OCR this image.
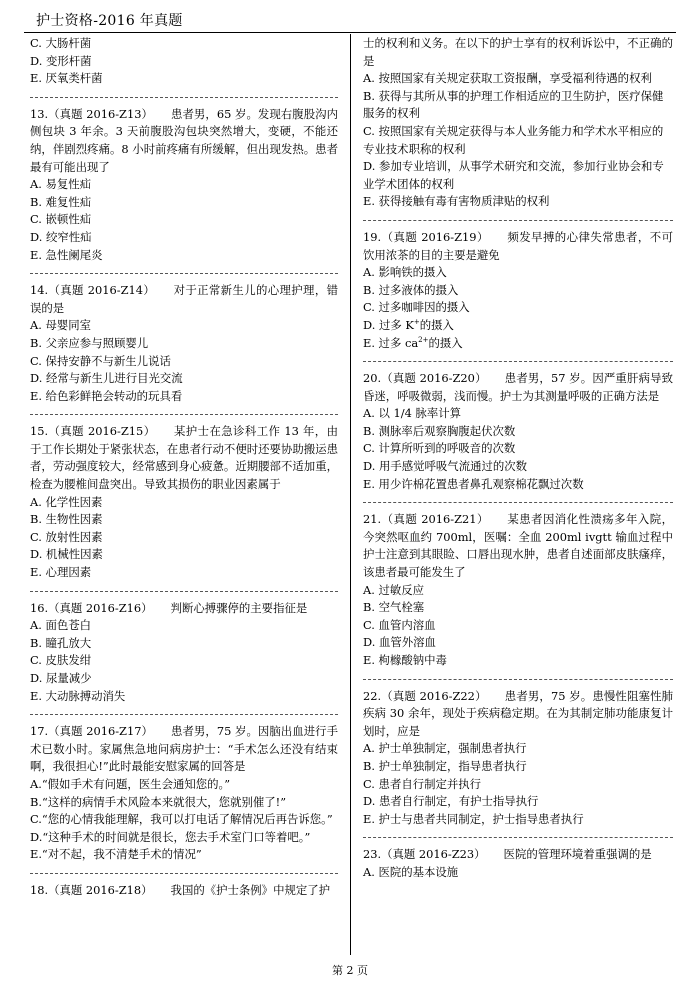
护士资格-2016 年真题

C. 大肠杆菌

D. 变形杆菌

E. 厌氧类杆菌

13.（真题 2016-Z13） 患者男，65 岁。发现右腹股沟内侧包块 3 年余。3 天前腹股沟包块突然增大，变硬，不能还纳，伴剧烈疼痛。8 小时前疼痛有所缓解，但出现发热。患者最有可能出现了

A. 易复性疝

B. 难复性疝

C. 嵌顿性疝

D. 绞窄性疝

E. 急性阑尾炎

14.（真题 2016-Z14） 对于正常新生儿的心理护理，错误的是

A. 母婴同室

B. 父亲应参与照顾婴儿

C. 保持安静不与新生儿说话

D. 经常与新生儿进行目光交流

E. 给色彩鲜艳会转动的玩具看

15.（真题 2016-Z15） 某护士在急诊科工作 13 年，由于工作长期处于紧张状态，在患者行动不便时还要协助搬运患者，劳动强度较大，经常感到身心疲惫。近期腰部不适加重，检查为腰椎间盘突出。导致其损伤的职业因素属于

A. 化学性因素

B. 生物性因素

C. 放射性因素

D. 机械性因素

E. 心理因素

16.（真题 2016-Z16） 判断心搏骤停的主要指征是

A. 面色苍白

B. 瞳孔放大

C. 皮肤发绀

D. 尿量减少

E. 大动脉搏动消失

17.（真题 2016-Z17） 患者男，75 岁。因脑出血进行手术已数小时。家属焦急地问病房护士：“手术怎么还没有结束啊，我很担心!”此时最能安慰家属的回答是

A.“假如手术有问题，医生会通知您的。”

B.“这样的病情手术风险本来就很大，您就别催了!”

C.“您的心情我能理解，我可以打电话了解情况后再告诉您。”

D.“这种手术的时间就是很长，您去手术室门口等着吧。”

E.“对不起，我不清楚手术的情况”

18.（真题 2016-Z18） 我国的《护士条例》中规定了护

士的权利和义务。在以下的护士享有的权利诉讼中，不正确的是

A. 按照国家有关规定获取工资报酬，享受福利待遇的权利

B. 获得与其所从事的护理工作相适应的卫生防护，医疗保健服务的权利

C. 按照国家有关规定获得与本人业务能力和学术水平相应的专业技术职称的权利

D. 参加专业培训，从事学术研究和交流，参加行业协会和专业学术团体的权利

E. 获得接触有毒有害物质津贴的权利

19.（真题 2016-Z19） 频发早搏的心律失常患者，不可饮用浓茶的目的主要是避免

A. 影响铁的摄入

B. 过多液体的摄入

C. 过多咖啡因的摄入

D. 过多 K+的摄入

E. 过多 $ca^{2+}$的摄入

20.（真题 2016-Z20） 患者男，57 岁。因严重肝病导致昏迷，呼吸微弱，浅而慢。护士为其测量呼吸的正确方法是

A. 以 1/4 脉率计算

B. 测脉率后观察胸腹起伏次数

C. 计算所听到的呼吸音的次数

D. 用手感觉呼吸气流通过的次数

E. 用少许棉花置患者鼻孔观察棉花飘过次数

21.（真题 2016-Z21） 某患者因消化性溃疡多年入院，今突然呕血约 700ml，医嘱：全血 200ml ivgtt 输血过程中护士注意到其眼睑、口唇出现水肿，患者自述面部皮肤瘙痒，该患者最可能发生了

A. 过敏反应

B. 空气栓塞

C. 血管内溶血

D. 血管外溶血

E. 枸橼酸钠中毒

22.（真题 2016-Z22） 患者男，75 岁。患慢性阻塞性肺疾病 30 余年，现处于疾病稳定期。在为其制定肺功能康复计划时，应是

A. 护士单独制定，强制患者执行

B. 护士单独制定，指导患者执行

C. 患者自行制定并执行

D. 患者自行制定，有护士指导执行

E. 护士与患者共同制定，护士指导患者执行

23.（真题 2016-Z23） 医院的管理环境着重强调的是

A. 医院的基本设施

第 2 页
